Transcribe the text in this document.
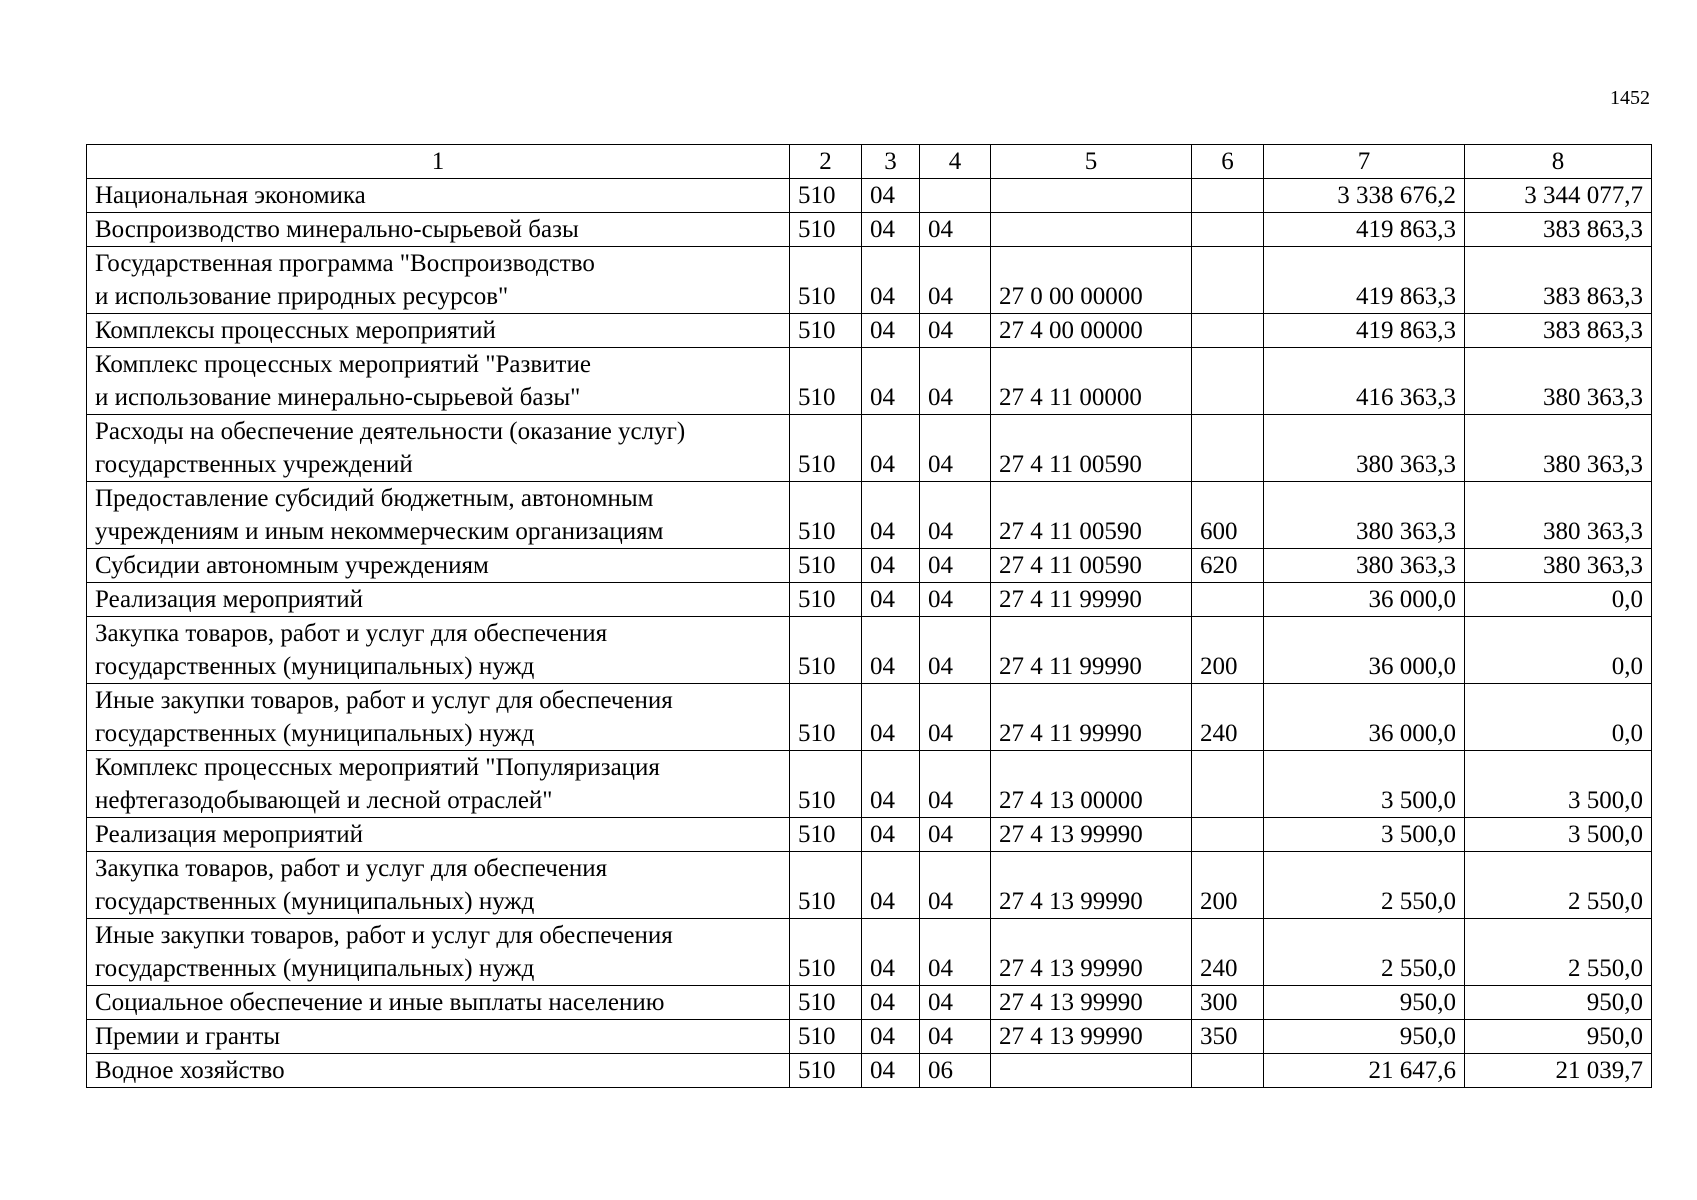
1452
1	2	3	4	5	6	7	8

Национальная экономика	510	04				3 338 676,2	3 344 077,7

Воспроизводство минерально-сырьевой базы	510	04	04			419 863,3	383 863,3

Государственная программа "Воспроизводство
и использование природных ресурсов"	510	04	04	27 0 00 00000		419 863,3	383 863,3

Комплексы процессных мероприятий	510	04	04	27 4 00 00000		419 863,3	383 863,3

Комплекс процессных мероприятий "Развитие
и использование минерально-сырьевой базы"	510	04	04	27 4 11 00000		416 363,3	380 363,3

Расходы на обеспечение деятельности (оказание услуг)
государственных учреждений	510	04	04	27 4 11 00590		380 363,3	380 363,3

Предоставление субсидий бюджетным, автономным
учреждениям и иным некоммерческим организациям	510	04	04	27 4 11 00590	600	380 363,3	380 363,3

Субсидии автономным учреждениям	510	04	04	27 4 11 00590	620	380 363,3	380 363,3

Реализация мероприятий	510	04	04	27 4 11 99990		36 000,0	0,0

Закупка товаров, работ и услуг для обеспечения
государственных (муниципальных) нужд	510	04	04	27 4 11 99990	200	36 000,0	0,0

Иные закупки товаров, работ и услуг для обеспечения
государственных (муниципальных) нужд	510	04	04	27 4 11 99990	240	36 000,0	0,0

Комплекс процессных мероприятий "Популяризация
нефтегазодобывающей и лесной отраслей"	510	04	04	27 4 13 00000		3 500,0	3 500,0

Реализация мероприятий	510	04	04	27 4 13 99990		3 500,0	3 500,0

Закупка товаров, работ и услуг для обеспечения
государственных (муниципальных) нужд	510	04	04	27 4 13 99990	200	2 550,0	2 550,0

Иные закупки товаров, работ и услуг для обеспечения
государственных (муниципальных) нужд	510	04	04	27 4 13 99990	240	2 550,0	2 550,0

Социальное обеспечение и иные выплаты населению	510	04	04	27 4 13 99990	300	950,0	950,0

Премии и гранты	510	04	04	27 4 13 99990	350	950,0	950,0

Водное хозяйство	510	04	06			21 647,6	21 039,7
